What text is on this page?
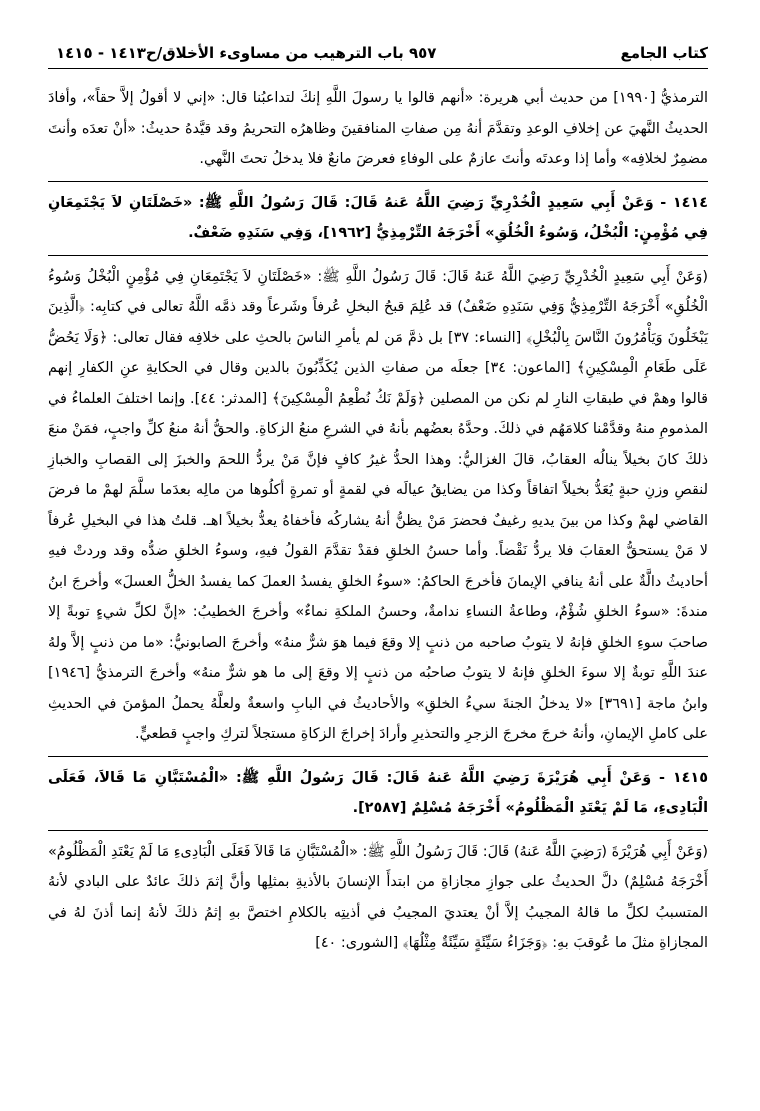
كتاب الجامع
٩٥٧ باب الترهيب من مساوىء الأخلاق/ح١٤١٣ - ١٤١٥

الترمذيُّ [١٩٩٠] من حديث أبي هريرة: «أنهم قالوا يا رسولَ اللَّهِ إنكَ لتداعبُنا قال: «إني لا أقولُ إلاَّ حقاً»، وأفادَ الحديثُ النَّهيَ عن إخلافِ الوعدِ وتقدَّمَ أنهُ مِن صفاتِ المنافقينَ وظاهرُه التحريمُ وقد قيَّدهُ حديثُ: «أنْ تعدَه وأنتَ مضمِرٌ لخلافِه» وأما إذا وعدتَه وأنتَ عازمٌ على الوفاءِ فعرضَ مانعٌ فلا يدخلُ تحتَ النَّهي.

١٤١٤ - وَعَنْ أَبِي سَعِيدٍ الْخُدْرِيِّ رَضِيَ اللَّهُ عَنهُ قَالَ: قَالَ رَسُولُ اللَّهِ ﷺ: «خَصْلَتَانِ لاَ يَجْتَمِعَانِ فِي مُؤْمِنٍ: الْبُخْلُ، وَسُوءُ الْخُلُقِ» أَخْرَجَهُ التِّرْمِذِيُّ [١٩٦٢]، وَفِي سَنَدِهِ ضَعْفٌ.

(وَعَنْ أَبِي سَعِيدٍ الْخُدْرِيِّ رَضِيَ اللَّهُ عَنهُ قَالَ: قَالَ رَسُولُ اللَّهِ ﷺ: «خَصْلَتَانِ لاَ يَجْتَمِعَانِ فِي مُؤْمِنٍ الْبُخْلُ وَسُوءُ الْخُلُقِ» أَخْرَجَهُ التِّرْمِذِيُّ وَفِي سَنَدِهِ ضَعْفٌ) قد عُلِمَ قبحُ البخلِ عُرفاً وشَرعاً وقد ذمَّه اللَّهُ تعالى في كتابِه: ﴿الَّذِينَ يَبْخَلُونَ وَيَأْمُرُونَ النَّاسَ بِالْبُخْلِ﴾ [النساء: ٣٧] بل ذمَّ مَن لم يأمرِ الناسَ بالحثِ على خلافِه فقال تعالى: ﴿وَلَا يَحُضُّ عَلَى طَعَامِ الْمِسْكِينِ﴾ [الماعون: ٣٤] جعلَه من صفاتِ الذين يُكَذِّبُونَ بالدين وقال في الحكايةِ عنِ الكفارِ إنهم قالوا وهمْ في طبقاتِ النارِ لم نكن من المصلين ﴿وَلَمْ نَكُ نُطْعِمُ الْمِسْكِينَ﴾ [المدثر: ٤٤]. وإنما اختلفَ العلماءُ في المذمومِ منهُ وقدَّمْنا كلامَهُم في ذلكَ. وحدَّهُ بعضُهم بأنهُ في الشرعِ منعُ الزكاةِ. والحقُّ أنهُ منعُ كلِّ واجبٍ، فمَنْ منعَ ذلكَ كانَ بخيلاً ينالُه العقابُ، قالَ الغزاليُّ: وهذا الحدُّ غيرُ كافٍ فإنَّ مَنْ يردُّ اللحمَ والخبزَ إلى القصابِ والخبازِ لنقصِ وزنِ حبةٍ يُعَدُّ بخيلاً اتفاقاً وكذا من يضايقُ عيالَه في لقمةٍ أو تمرةٍ أكلُوها من مالِه بعدَما سلَّمَ لهمْ ما فرضَ القاضي لهمْ وكذا من بينَ يديهِ رغيفٌ فحضرَ مَنْ يظنُّ أنهُ يشاركُه فأخفاهُ يعدُّ بخيلاً اهـ. قلتُ هذا في البخيلِ عُرفاً لا مَنْ يستحقُّ العقابَ فلا يردُّ نَقْضاً. وأما حسنُ الخلقِ فقدْ تقدَّمَ القولُ فيهِ، وسوءُ الخلقِ ضدُّه وقد وردتْ فيهِ أحاديثُ دالَّةٌ على أنهُ ينافي الإيمانَ فأخرجَ الحاكمُ: «سوءُ الخلقِ يفسدُ العملَ كما يفسدُ الخلُّ العسلَ» وأخرجَ ابنُ مندةَ: «سوءُ الخلقِ شُؤْمٌ، وطاعةُ النساءِ ندامةٌ، وحسنُ الملكةِ نماءٌ» وأخرجَ الخطيبُ: «إنَّ لكلِّ شيءٍ توبةً إلا صاحبَ سوءِ الخلقِ فإنهُ لا يتوبُ صاحبه من ذنبٍ إلا وقعَ فيما هوَ شرٌّ منهُ» وأخرجَ الصابونيُّ: «ما من ذنبٍ إلاَّ ولهُ عندَ اللَّهِ توبةٌ إلا سوءَ الخلقِ فإنهُ لا يتوبُ صاحبُه من ذنبٍ إلا وقعَ إلى ما هو شرٌّ منهُ» وأخرجَ الترمذيُّ [١٩٤٦] وابنُ ماجة [٣٦٩١] «لا يدخلُ الجنةَ سيءُ الخلقِ» والأحاديثُ في البابِ واسعةٌ ولعلَّهُ يحملُ المؤمنَ في الحديثِ على كاملِ الإيمانِ، وأنهُ خرجَ مخرجَ الزجرِ والتحذيرِ وأرادَ إخراجَ الزكاةِ مستجلاً لتركِ واجبٍ قطعيٍّ.

١٤١٥ - وَعَنْ أَبِي هُرَيْرَةَ رَضِيَ اللَّهُ عَنهُ قَالَ: قَالَ رَسُولُ اللَّهِ ﷺ: «الْمُسْتَبَّانِ مَا قَالاَ، فَعَلَى الْبَادِىءِ، مَا لَمْ يَعْتَدِ الْمَظْلُومُ» أَخْرَجَهُ مُسْلِمٌ [٢٥٨٧].

(وَعَنْ أَبِي هُرَيْرَةَ (رَضِيَ اللَّهُ عَنهُ) قَالَ: قَالَ رَسُولُ اللَّهِ ﷺ: «الْمُسْتَبَّانِ مَا قَالاَ فَعَلَى الْبَادِىءِ مَا لَمْ يَعْتَدِ الْمَظْلُومُ» أَخْرَجَهُ مُسْلِمٌ) دلَّ الحديثُ على جوازِ مجازاةِ من ابتدأَ الإنسانَ بالأذيةِ بمثلِها وأنَّ إثمَ ذلكَ عائدٌ على البادي لأنهُ المتسببُ لكلِّ ما قالهُ المجيبُ إلاَّ أنْ يعتديَ المجيبُ في أذيتِه بالكلامِ اختصَّ بهِ إثمُ ذلكَ لأنهُ إنما أذنَ لهُ في المجازاةِ مثلَ ما عُوقبَ بهِ: ﴿وَجَزَاءُ سَيِّئَةٍ سَيِّئَةٌ مِثْلُهَا﴾ [الشورى: ٤٠]
